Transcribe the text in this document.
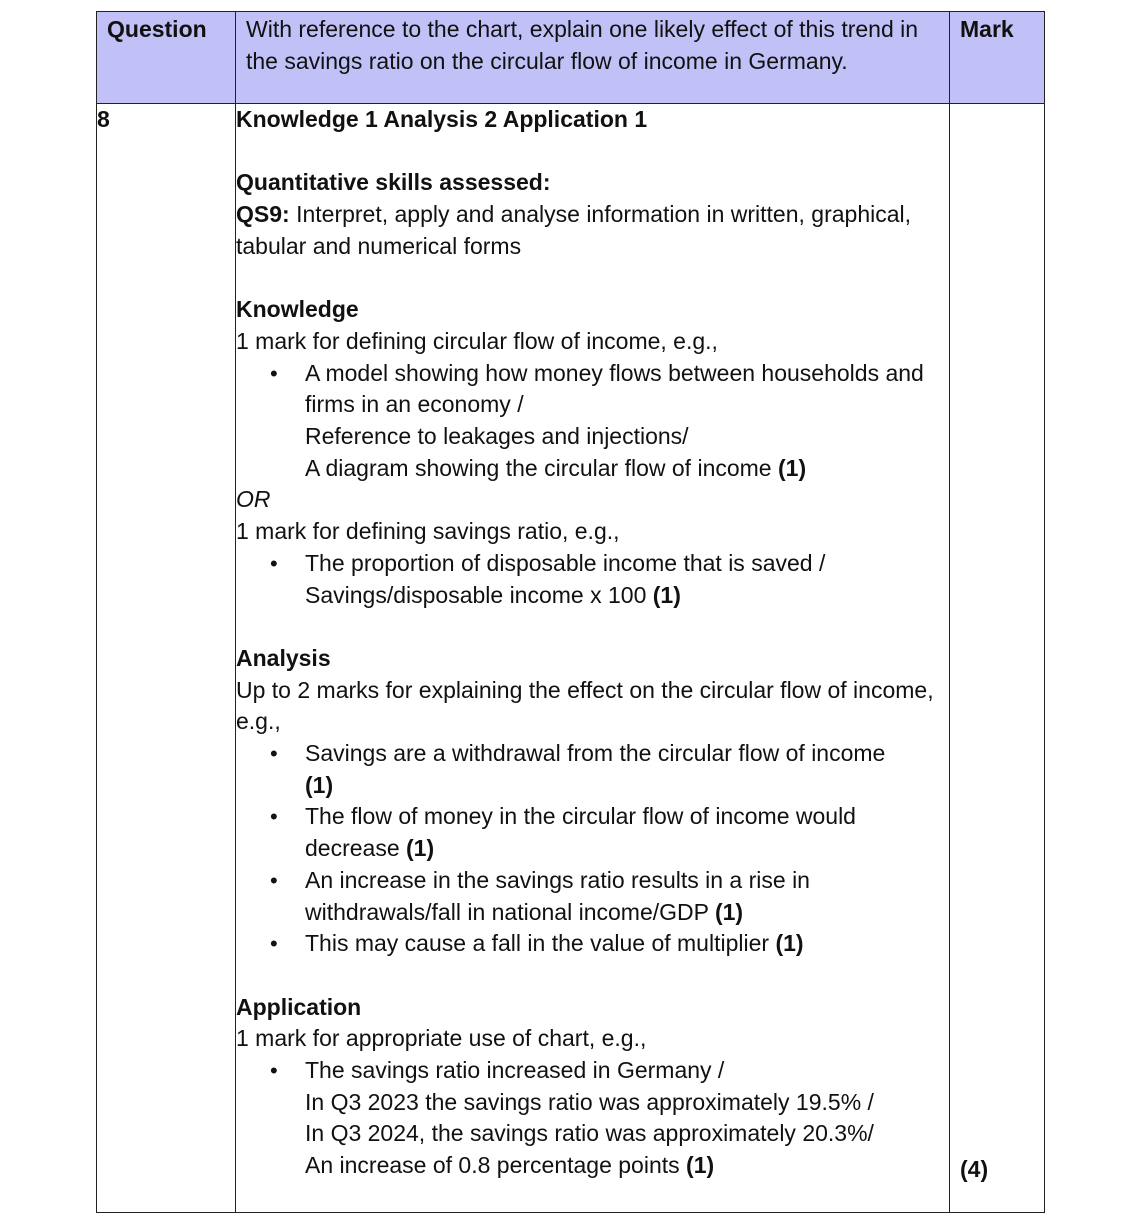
Question	With reference to the chart, explain one likely effect of this trend in the savings ratio on the circular flow of income in Germany.	Mark
8	Knowledge 1 Analysis 2 Application 1
Quantitative skills assessed:
QS9: Interpret, apply and analyse information in written, graphical, tabular and numerical forms
Knowledge
1 mark for defining circular flow of income, e.g.,
• A model showing how money flows between households and firms in an economy /
Reference to leakages and injections/
A diagram showing the circular flow of income (1)
OR
1 mark for defining savings ratio, e.g.,
• The proportion of disposable income that is saved /
Savings/disposable income x 100 (1)
Analysis
Up to 2 marks for explaining the effect on the circular flow of income, e.g.,
• Savings are a withdrawal from the circular flow of income
(1)
• The flow of money in the circular flow of income would decrease (1)
• An increase in the savings ratio results in a rise in withdrawals/fall in national income/GDP (1)
• This may cause a fall in the value of multiplier (1)
Application
1 mark for appropriate use of chart, e.g.,
• The savings ratio increased in Germany /
In Q3 2023 the savings ratio was approximately 19.5% /
In Q3 2024, the savings ratio was approximately 20.3%/
An increase of 0.8 percentage points (1)	(4)
